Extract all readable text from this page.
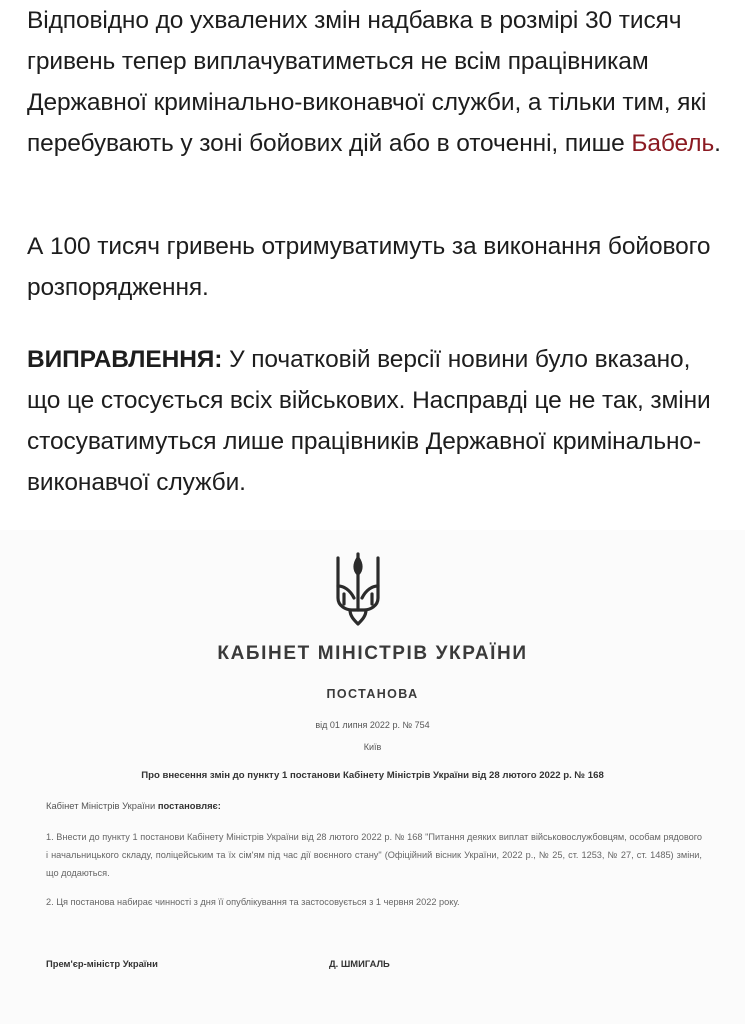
Відповідно до ухвалених змін надбавка в розмірі 30 тисяч гривень тепер виплачуватиметься не всім працівникам Державної кримінально-виконавчої служби, а тільки тим, які перебувають у зоні бойових дій або в оточенні, пише Бабель.

А 100 тисяч гривень отримуватимуть за виконання бойового розпорядження.

ВИПРАВЛЕННЯ: У початковій версії новини було вказано, що це стосується всіх військових. Насправді це не так, зміни стосуватимуться лише працівників Державної кримінально-виконавчої служби.

КАБІНЕТ МІНІСТРІВ УКРАЇНИ
ПОСТАНОВА
від 01 липня 2022 р. № 754
Київ
Про внесення змін до пункту 1 постанови Кабінету Міністрів України від 28 лютого 2022 р. № 168
Кабінет Міністрів України постановляє:
1. Внести до пункту 1 постанови Кабінету Міністрів України від 28 лютого 2022 р. № 168 "Питання деяких виплат військовослужбовцям, особам рядового і начальницького складу, поліцейським та їх сім'ям під час дії воєнного стану" (Офіційний вісник України, 2022 р., № 25, ст. 1253, № 27, ст. 1485) зміни, що додаються.
2. Ця постанова набирає чинності з дня її опублікування та застосовується з 1 червня 2022 року.
Прем'єр-міністр України	Д. ШМИГАЛЬ
